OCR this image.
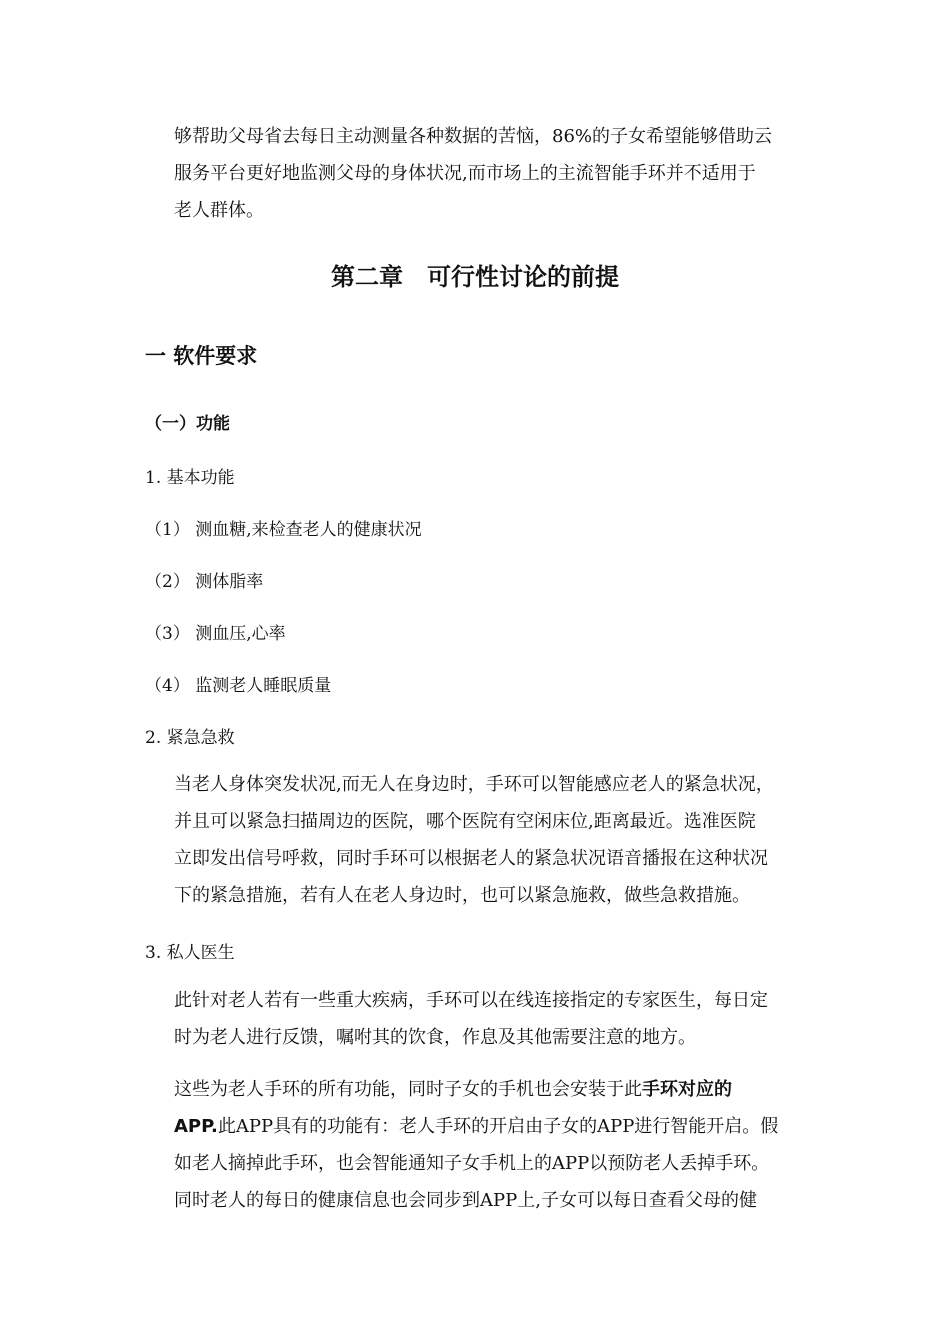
够帮助父母省去每日主动测量各种数据的苦恼，86%的子女希望能够借助云

服务平台更好地监测父母的身体状况,而市场上的主流智能手环并不适用于

老人群体。

第二章　可行性讨论的前提
一 软件要求
（一）功能
1. 基本功能
（1） 测血糖,来检查老人的健康状况
（2） 测体脂率
（3） 测血压,心率
（4） 监测老人睡眠质量
2. 紧急急救

当老人身体突发状况,而无人在身边时，手环可以智能感应老人的紧急状况，

并且可以紧急扫描周边的医院，哪个医院有空闲床位,距离最近。选准医院

立即发出信号呼救，同时手环可以根据老人的紧急状况语音播报在这种状况

下的紧急措施，若有人在老人身边时，也可以紧急施救，做些急救措施。

3. 私人医生

此针对老人若有一些重大疾病，手环可以在线连接指定的专家医生，每日定

时为老人进行反馈，嘱咐其的饮食，作息及其他需要注意的地方。

这些为老人手环的所有功能，同时子女的手机也会安装于此手环对应的

APP.此APP具有的功能有：老人手环的开启由子女的APP进行智能开启。假

如老人摘掉此手环，也会智能通知子女手机上的APP以预防老人丢掉手环。

同时老人的每日的健康信息也会同步到APP上,子女可以每日查看父母的健
